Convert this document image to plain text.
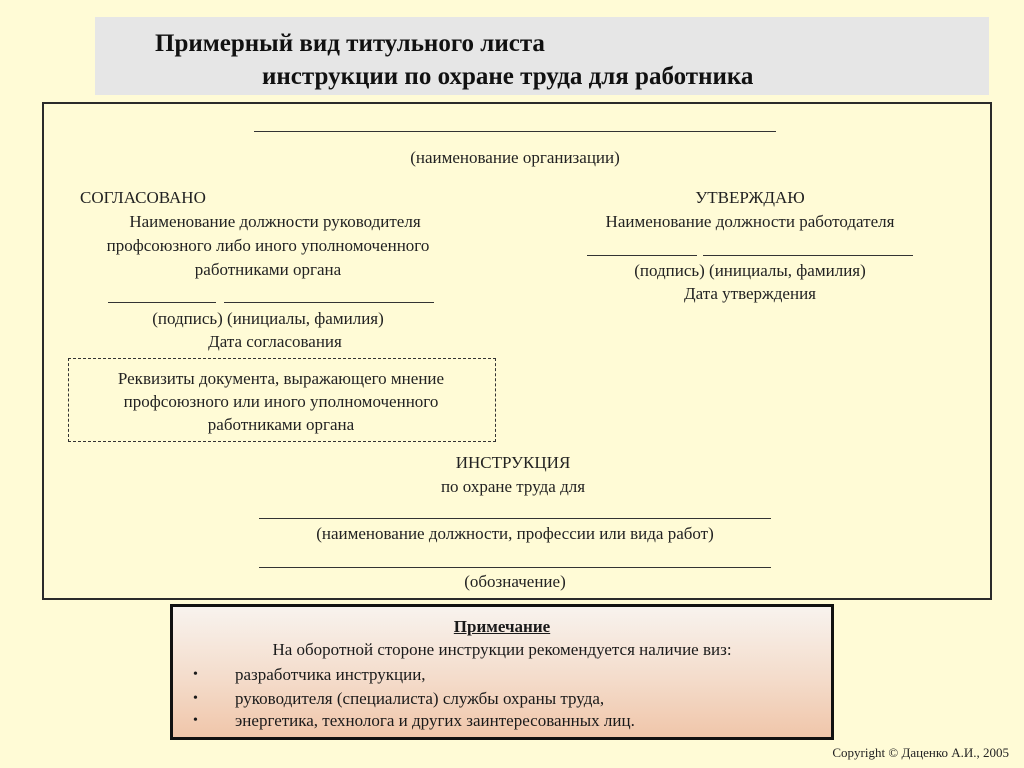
Примерный вид титульного листа
инструкции по охране труда для работника
(наименование организации)
СОГЛАСОВАНО
Наименование должности руководителя
профсоюзного либо иного уполномоченного
работниками органа
(подпись) (инициалы, фамилия)
Дата согласования
УТВЕРЖДАЮ
Наименование должности работодателя
(подпись) (инициалы, фамилия)
Дата утверждения
Реквизиты документа, выражающего мнение
профсоюзного или иного уполномоченного
работниками органа
ИНСТРУКЦИЯ
по охране труда для
(наименование должности, профессии или вида работ)
(обозначение)
Примечание
На оборотной стороне инструкции рекомендуется наличие виз:
• разработчика инструкции,
• руководителя (специалиста) службы охраны труда,
• энергетика, технолога и других заинтересованных лиц.
Copyright © Даценко А.И., 2005
